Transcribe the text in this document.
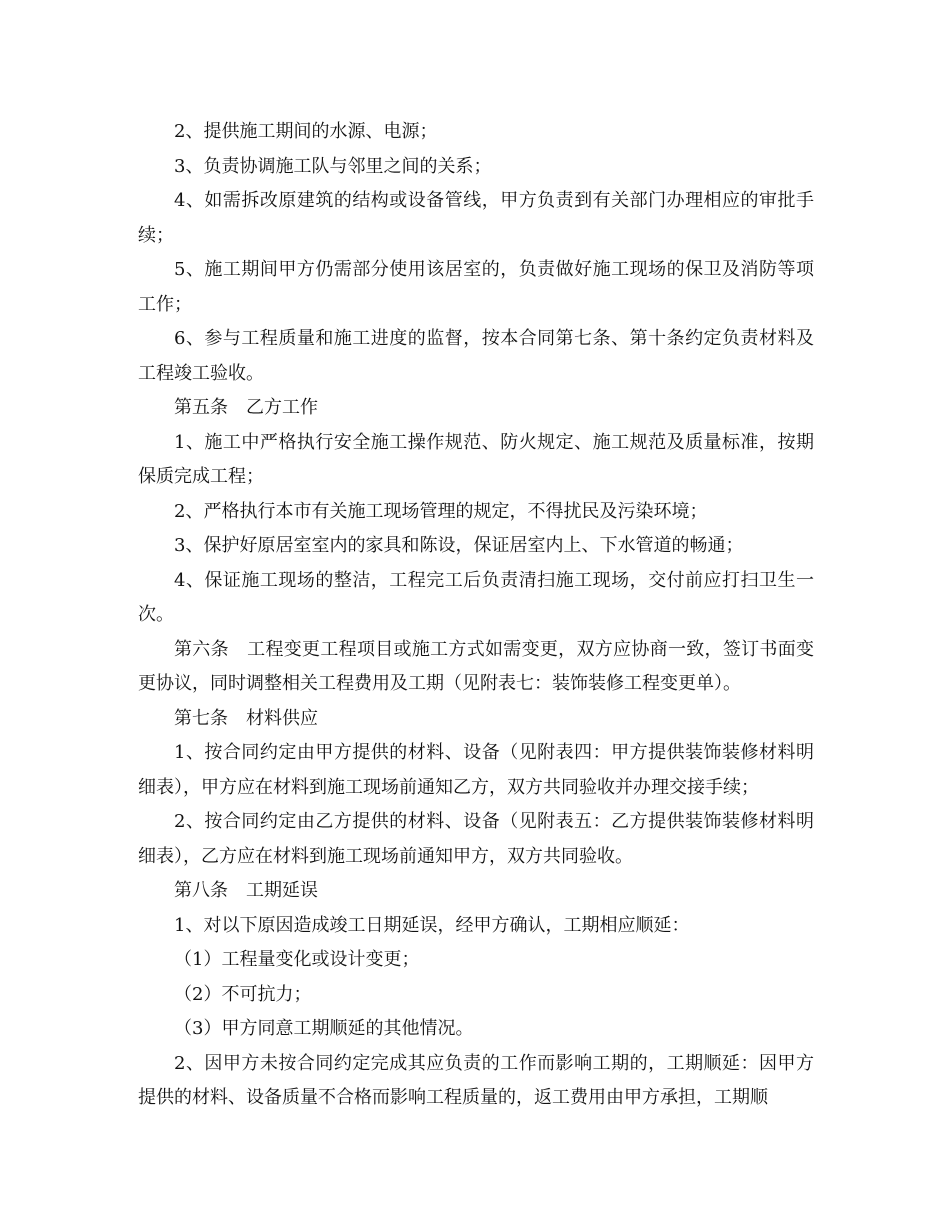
2、提供施工期间的水源、电源；

3、负责协调施工队与邻里之间的关系；

4、如需拆改原建筑的结构或设备管线，甲方负责到有关部门办理相应的审批手续；

5、施工期间甲方仍需部分使用该居室的，负责做好施工现场的保卫及消防等项工作；

6、参与工程质量和施工进度的监督，按本合同第七条、第十条约定负责材料及工程竣工验收。

第五条　乙方工作

1、施工中严格执行安全施工操作规范、防火规定、施工规范及质量标准，按期保质完成工程；

2、严格执行本市有关施工现场管理的规定，不得扰民及污染环境；

3、保护好原居室室内的家具和陈设，保证居室内上、下水管道的畅通；

4、保证施工现场的整洁，工程完工后负责清扫施工现场，交付前应打扫卫生一次。

第六条　工程变更工程项目或施工方式如需变更，双方应协商一致，签订书面变更协议，同时调整相关工程费用及工期（见附表七：装饰装修工程变更单）。

第七条　材料供应

1、按合同约定由甲方提供的材料、设备（见附表四：甲方提供装饰装修材料明细表），甲方应在材料到施工现场前通知乙方，双方共同验收并办理交接手续；

2、按合同约定由乙方提供的材料、设备（见附表五：乙方提供装饰装修材料明细表），乙方应在材料到施工现场前通知甲方，双方共同验收。

第八条　工期延误

1、对以下原因造成竣工日期延误，经甲方确认，工期相应顺延：

（1）工程量变化或设计变更；

（2）不可抗力；

（3）甲方同意工期顺延的其他情况。

2、因甲方未按合同约定完成其应负责的工作而影响工期的，工期顺延：因甲方提供的材料、设备质量不合格而影响工程质量的，返工费用由甲方承担，工期顺
